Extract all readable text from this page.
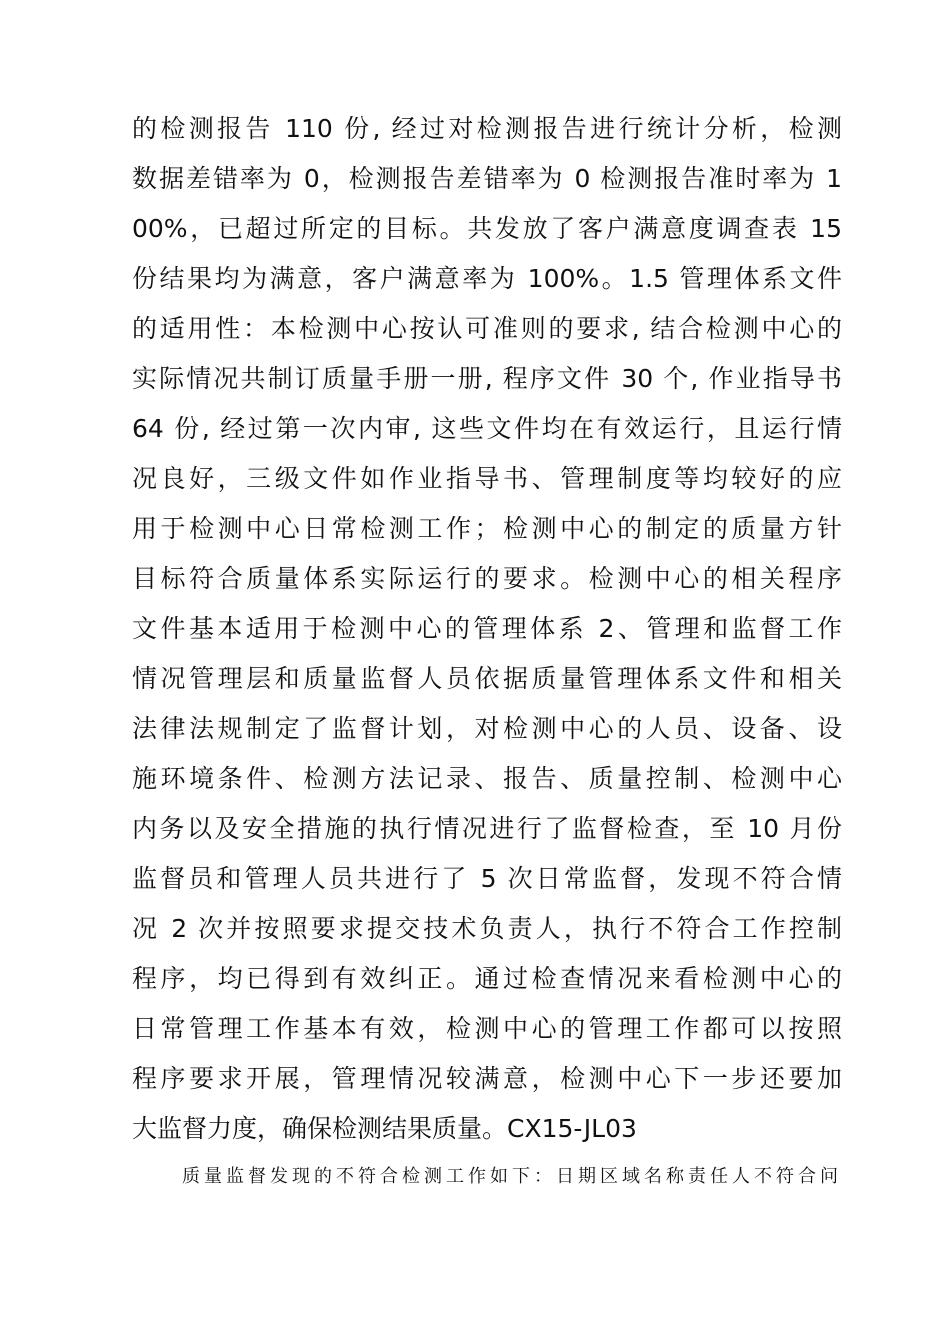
的检测报告 110 份, 经过对检测报告进行统计分析，检测
数据差错率为 0，检测报告差错率为 0 检测报告准时率为 1
00%，已超过所定的目标。共发放了客户满意度调查表 15
份结果均为满意，客户满意率为 100%。1.5 管理体系文件
的适用性：本检测中心按认可准则的要求, 结合检测中心的
实际情况共制订质量手册一册, 程序文件 30 个, 作业指导书
64 份, 经过第一次内审, 这些文件均在有效运行，且运行情
况良好，三级文件如作业指导书、管理制度等均较好的应
用于检测中心日常检测工作；检测中心的制定的质量方针
目标符合质量体系实际运行的要求。检测中心的相关程序
文件基本适用于检测中心的管理体系 2、管理和监督工作
情况管理层和质量监督人员依据质量管理体系文件和相关
法律法规制定了监督计划，对检测中心的人员、设备、设
施环境条件、检测方法记录、报告、质量控制、检测中心
内务以及安全措施的执行情况进行了监督检查，至 10 月份
监督员和管理人员共进行了 5 次日常监督，发现不符合情
况 2 次并按照要求提交技术负责人，执行不符合工作控制
程序，均已得到有效纠正。通过检查情况来看检测中心的
日常管理工作基本有效，检测中心的管理工作都可以按照
程序要求开展，管理情况较满意，检测中心下一步还要加
大监督力度，确保检测结果质量。CX15-JL03

质量监督发现的不符合检测工作如下：日期区域名称责任人不符合问
